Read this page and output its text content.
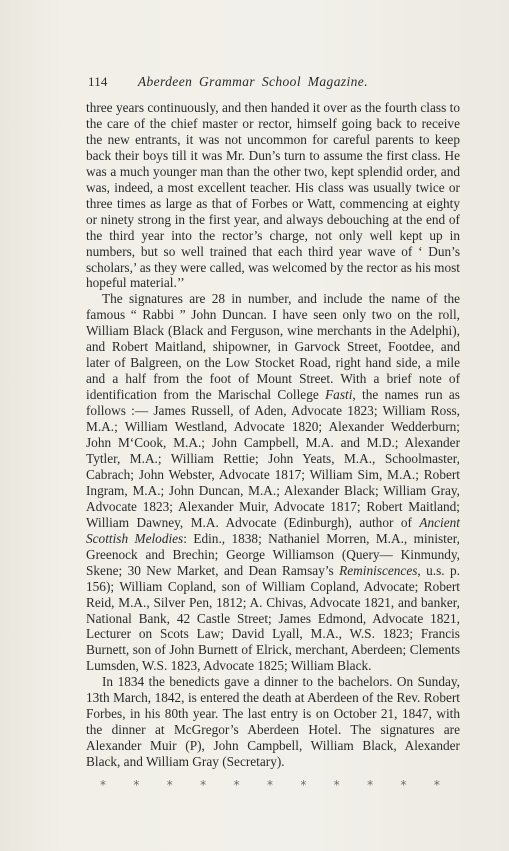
114 Aberdeen Grammar School Magazine.

three years continuously, and then handed it over as the fourth class to the care of the chief master or rector, himself going back to receive the new entrants, it was not uncommon for careful parents to keep back their boys till it was Mr. Dun’s turn to assume the first class. He was a much younger man than the other two, kept splendid order, and was, indeed, a most excellent teacher. His class was usually twice or three times as large as that of Forbes or Watt, commencing at eighty or ninety strong in the first year, and always debouching at the end of the third year into the rector’s charge, not only well kept up in numbers, but so well trained that each third year wave of ‘ Dun’s scholars,’ as they were called, was welcomed by the rector as his most hopeful material.’’

The signatures are 28 in number, and include the name of the famous “ Rabbi ” John Duncan. I have seen only two on the roll, William Black (Black and Ferguson, wine merchants in the Adelphi), and Robert Maitland, shipowner, in Garvock Street, Footdee, and later of Balgreen, on the Low Stocket Road, right hand side, a mile and a half from the foot of Mount Street. With a brief note of identification from the Marischal College Fasti, the names run as follows :— James Russell, of Aden, Advocate 1823; William Ross, M.A.; William Westland, Advocate 1820; Alexander Wedderburn; John M‘Cook, M.A.; John Campbell, M.A. and M.D.; Alexander Tytler, M.A.; William Rettie; John Yeats, M.A., Schoolmaster, Cabrach; John Webster, Advocate 1817; William Sim, M.A.; Robert Ingram, M.A.; John Duncan, M.A.; Alexander Black; William Gray, Advocate 1823; Alexander Muir, Advocate 1817; Robert Maitland; William Dawney, M.A. Advocate (Edinburgh), author of Ancient Scottish Melodies: Edin., 1838; Nathaniel Morren, M.A., minister, Greenock and Brechin; George Williamson (Query— Kinmundy, Skene; 30 New Market, and Dean Ramsay’s Reminiscences, u.s. p. 156); William Copland, son of William Copland, Advocate; Robert Reid, M.A., Silver Pen, 1812; A. Chivas, Advocate 1821, and banker, National Bank, 42 Castle Street; James Edmond, Advocate 1821, Lecturer on Scots Law; David Lyall, M.A., W.S. 1823; Francis Burnett, son of John Burnett of Elrick, merchant, Aberdeen; Clements Lumsden, W.S. 1823, Advocate 1825; William Black.

In 1834 the benedicts gave a dinner to the bachelors. On Sunday, 13th March, 1842, is entered the death at Aberdeen of the Rev. Robert Forbes, in his 80th year. The last entry is on October 21, 1847, with the dinner at McGregor’s Aberdeen Hotel. The signatures are Alexander Muir (P), John Campbell, William Black, Alexander Black, and William Gray (Secretary).

* * * * * * * * * * *
